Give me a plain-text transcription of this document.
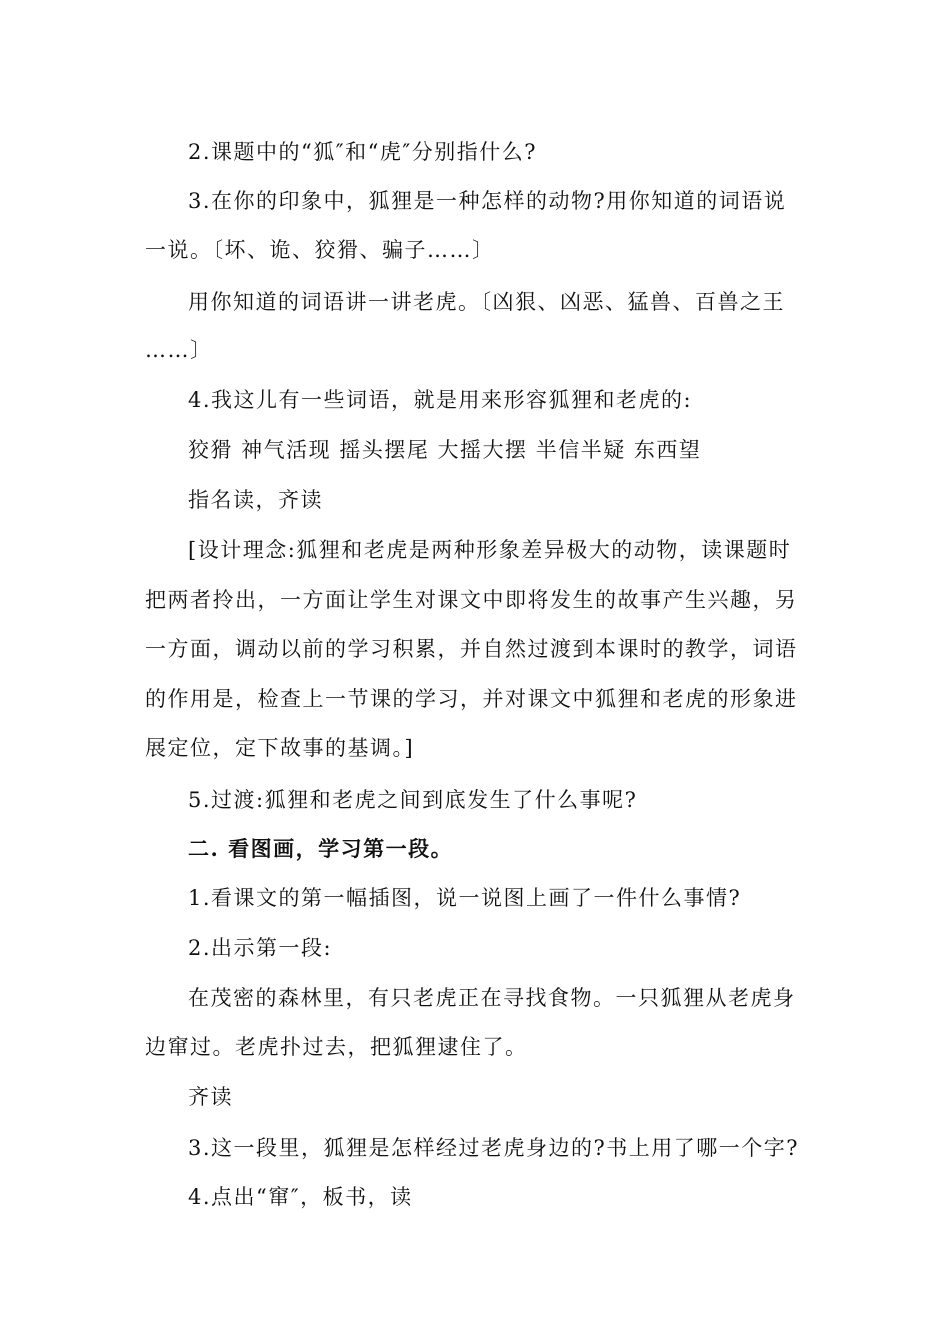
2.课题中的“狐″和“虎″分别指什么?
3.在你的印象中，狐狸是一种怎样的动物?用你知道的词语说
一说。〔坏、诡、狡猾、骗子……〕
用你知道的词语讲一讲老虎。〔凶狠、凶恶、猛兽、百兽之王
……〕
4.我这儿有一些词语，就是用来形容狐狸和老虎的:
狡猾 神气活现 摇头摆尾 大摇大摆 半信半疑 东西望
指名读，齐读
[设计理念:狐狸和老虎是两种形象差异极大的动物，读课题时
把两者拎出，一方面让学生对课文中即将发生的故事产生兴趣，另
一方面，调动以前的学习积累，并自然过渡到本课时的教学，词语
的作用是，检查上一节课的学习，并对课文中狐狸和老虎的形象进
展定位，定下故事的基调。]
5.过渡:狐狸和老虎之间到底发生了什么事呢?
二. 看图画，学习第一段。
1.看课文的第一幅插图，说一说图上画了一件什么事情?
2.出示第一段:
在茂密的森林里，有只老虎正在寻找食物。一只狐狸从老虎身
边窜过。老虎扑过去，把狐狸逮住了。
齐读
3.这一段里，狐狸是怎样经过老虎身边的?书上用了哪一个字?
4.点出“窜″，板书，读
